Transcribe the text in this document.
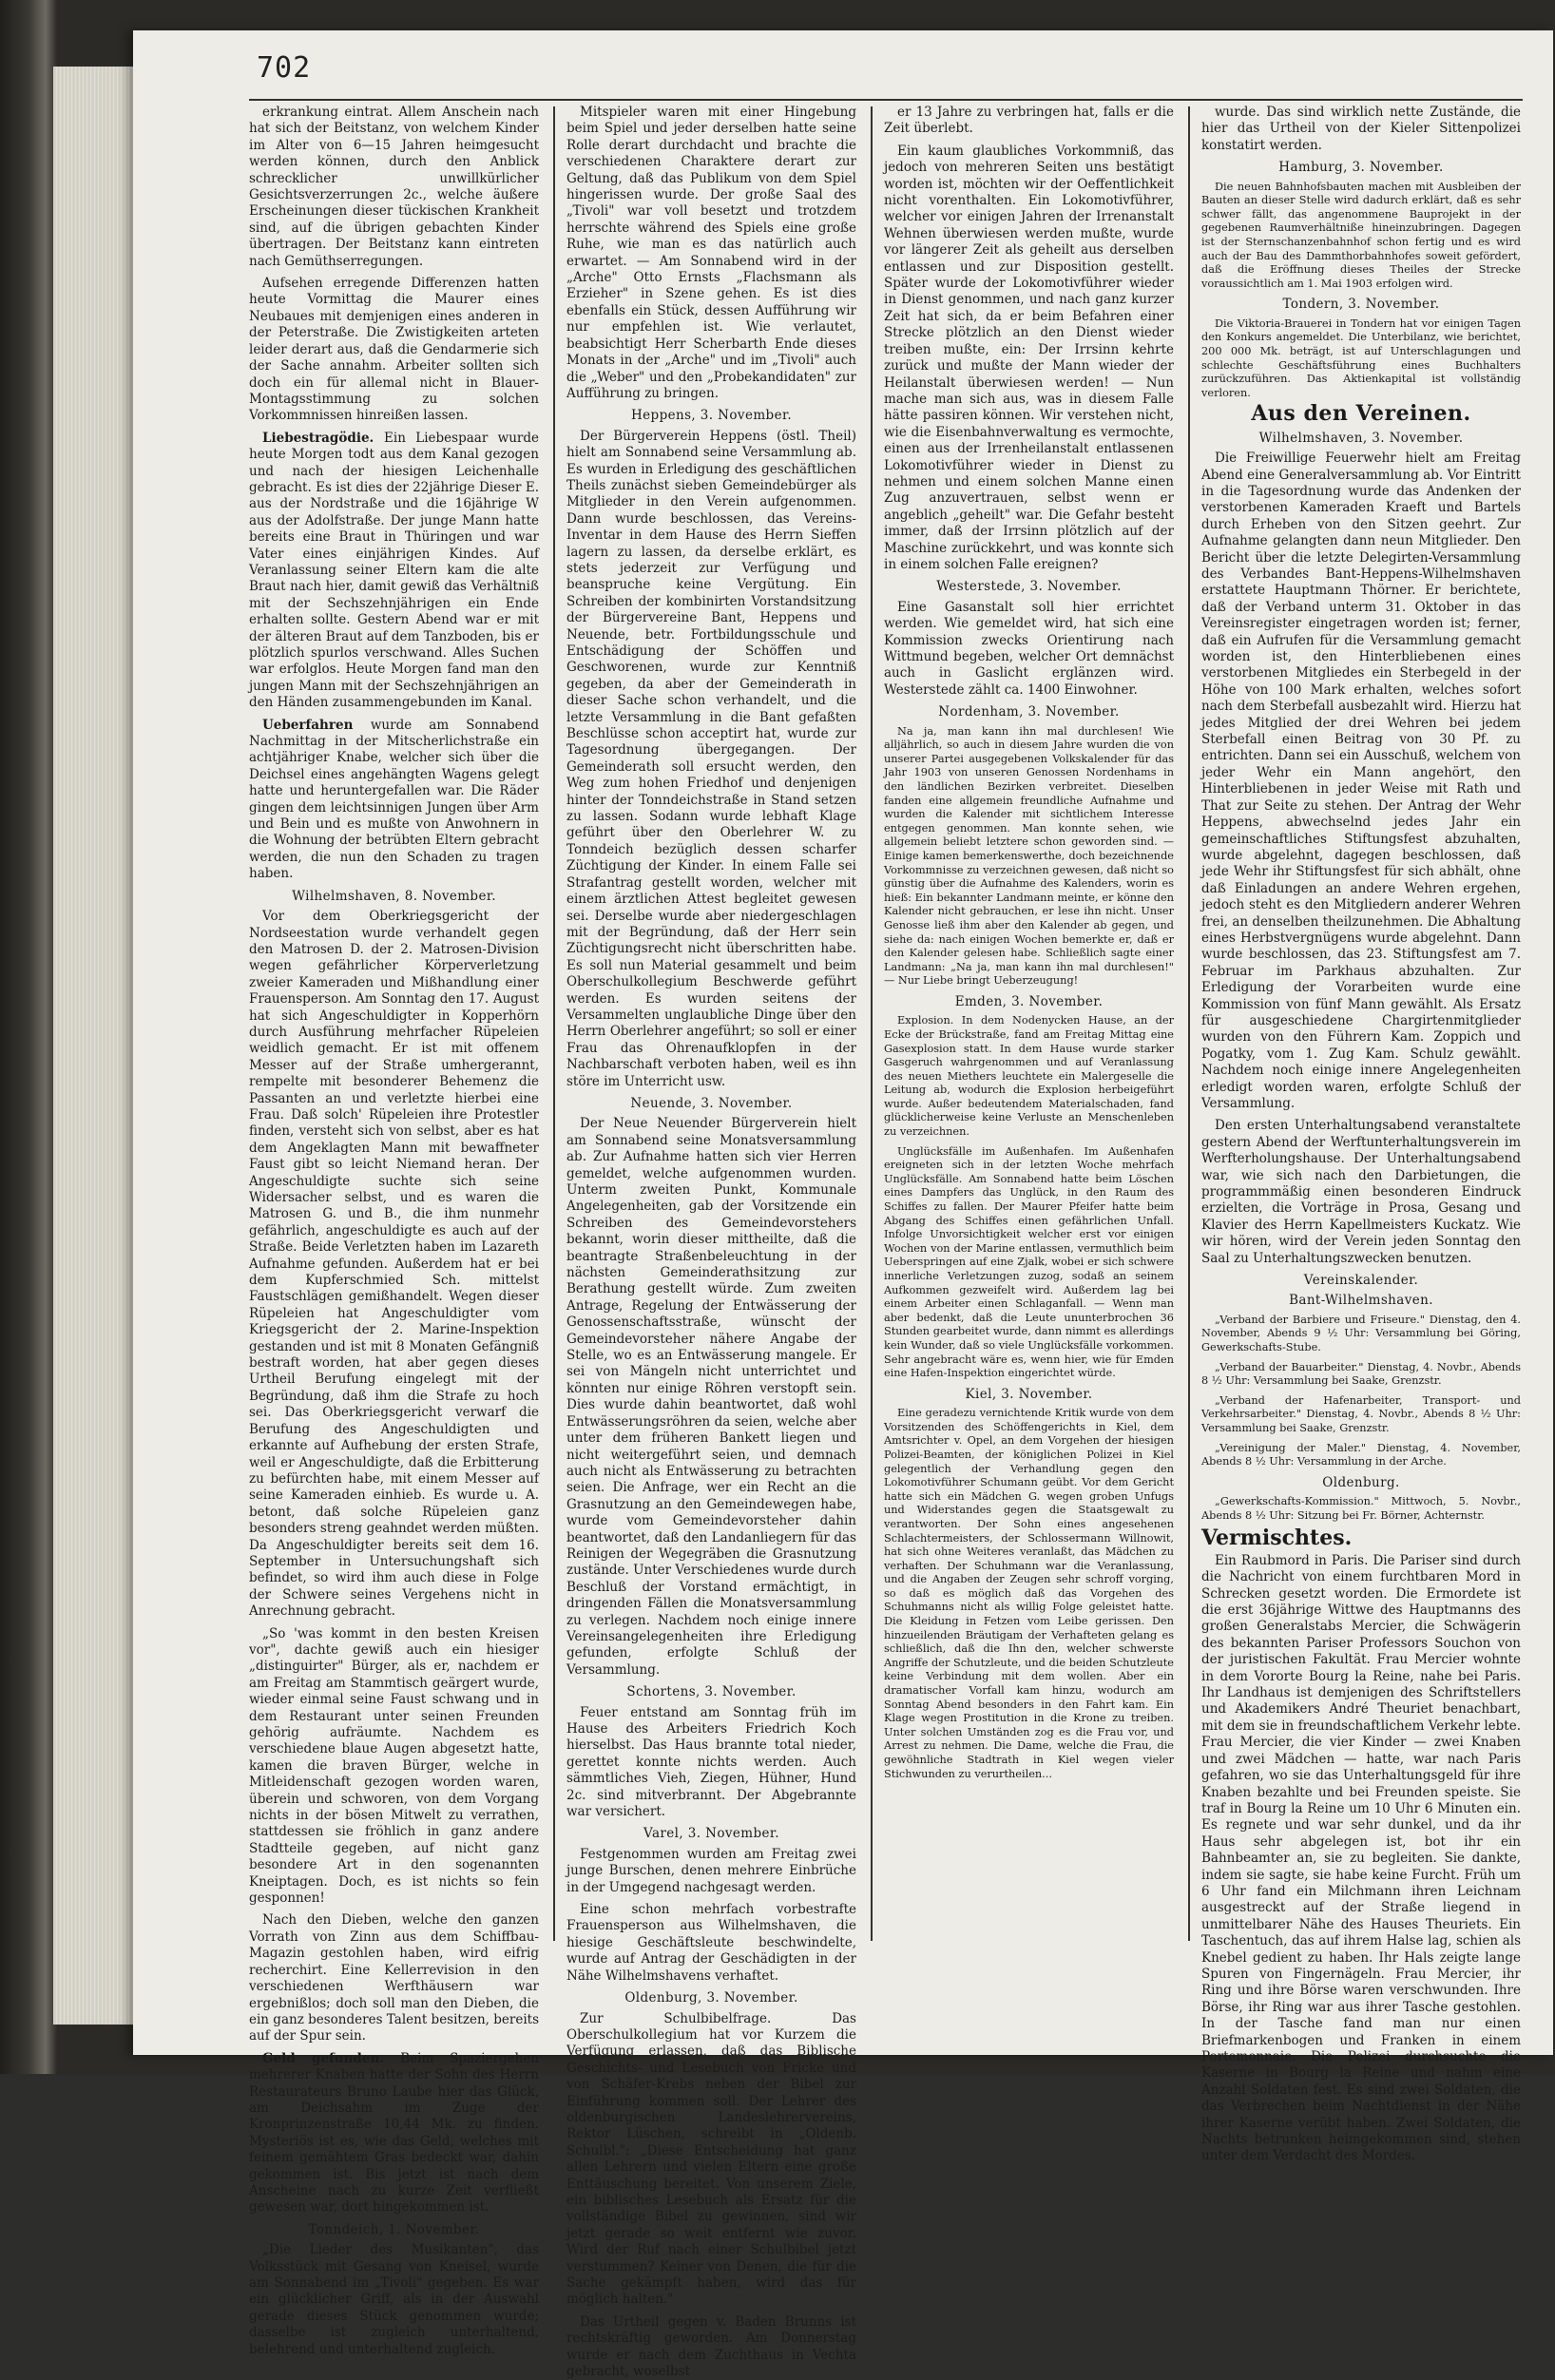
702

erkrankung eintrat. Allem Anschein nach hat sich der Beitstanz, von welchem Kinder im Alter von 6—15 Jahren heimgesucht werden können, durch den Anblick schrecklicher unwillkürlicher Gesichtsverzerrungen 2c., welche äußere Erscheinungen dieser tückischen Krankheit sind, auf die übrigen gebachten Kinder übertragen. Der Beitstanz kann eintreten nach Gemüthserregungen.

Aufsehen erregende Differenzen hatten heute Vormittag die Maurer eines Neubaues mit demjenigen eines anderen in der Peterstraße. Die Zwistigkeiten arteten leider derart aus, daß die Gendarmerie sich der Sache annahm. Arbeiter sollten sich doch ein für allemal nicht in Blauer-Montagsstimmung zu solchen Vorkommnissen hinreißen lassen.

Liebestragödie. Ein Liebespaar wurde heute Morgen todt aus dem Kanal gezogen und nach der hiesigen Leichenhalle gebracht. Es ist dies der 22jährige Dieser E. aus der Nordstraße und die 16jährige W aus der Adolfstraße. Der junge Mann hatte bereits eine Braut in Thüringen und war Vater eines einjährigen Kindes. Auf Veranlassung seiner Eltern kam die alte Braut nach hier, damit gewiß das Verhältniß mit der Sechszehnjährigen ein Ende erhalten sollte. Gestern Abend war er mit der älteren Braut auf dem Tanzboden, bis er plötzlich spurlos verschwand. Alles Suchen war erfolglos. Heute Morgen fand man den jungen Mann mit der Sechszehnjährigen an den Händen zusammengebunden im Kanal.

Ueberfahren wurde am Sonnabend Nachmittag in der Mitscherlichstraße ein achtjähriger Knabe, welcher sich über die Deichsel eines angehängten Wagens gelegt hatte und heruntergefallen war. Die Räder gingen dem leichtsinnigen Jungen über Arm und Bein und es mußte von Anwohnern in die Wohnung der betrübten Eltern gebracht werden, die nun den Schaden zu tragen haben.

Wilhelmshaven, 8. November.

Vor dem Oberkriegsgericht der Nordseestation wurde verhandelt gegen den Matrosen D. der 2. Matrosen-Division wegen gefährlicher Körperverletzung zweier Kameraden und Mißhandlung einer Frauensperson. Am Sonntag den 17. August hat sich Angeschuldigter in Kopperhörn durch Ausführung mehrfacher Rüpeleien weidlich gemacht. Er ist mit offenem Messer auf der Straße umhergerannt, rempelte mit besonderer Behemenz die Passanten an und verletzte hierbei eine Frau. Daß solch' Rüpeleien ihre Protestler finden, versteht sich von selbst, aber es hat dem Angeklagten Mann mit bewaffneter Faust gibt so leicht Niemand heran. Der Angeschuldigte suchte sich seine Widersacher selbst, und es waren die Matrosen G. und B., die ihm nunmehr gefährlich, angeschuldigte es auch auf der Straße. Beide Verletzten haben im Lazareth Aufnahme gefunden. Außerdem hat er bei dem Kupferschmied Sch. mittelst Faustschlägen gemißhandelt. Wegen dieser Rüpeleien hat Angeschuldigter vom Kriegsgericht der 2. Marine-Inspektion gestanden und ist mit 8 Monaten Gefängniß bestraft worden, hat aber gegen dieses Urtheil Berufung eingelegt mit der Begründung, daß ihm die Strafe zu hoch sei. Das Oberkriegsgericht verwarf die Berufung des Angeschuldigten und erkannte auf Aufhebung der ersten Strafe, weil er Angeschuldigte, daß die Erbitterung zu befürchten habe, mit einem Messer auf seine Kameraden einhieb. Es wurde u. A. betont, daß solche Rüpeleien ganz besonders streng geahndet werden müßten. Da Angeschuldigter bereits seit dem 16. September in Untersuchungshaft sich befindet, so wird ihm auch diese in Folge der Schwere seines Vergehens nicht in Anrechnung gebracht.

„So 'was kommt in den besten Kreisen vor", dachte gewiß auch ein hiesiger „distinguirter" Bürger, als er, nachdem er am Freitag am Stammtisch geärgert wurde, wieder einmal seine Faust schwang und in dem Restaurant unter seinen Freunden gehörig aufräumte. Nachdem es verschiedene blaue Augen abgesetzt hatte, kamen die braven Bürger, welche in Mitleidenschaft gezogen worden waren, überein und schworen, von dem Vorgang nichts in der bösen Mitwelt zu verrathen, stattdessen sie fröhlich in ganz andere Stadtteile gegeben, auf nicht ganz besondere Art in den sogenannten Kneiptagen. Doch, es ist nichts so fein gesponnen!

Nach den Dieben, welche den ganzen Vorrath von Zinn aus dem Schiffbau-Magazin gestohlen haben, wird eifrig recherchirt. Eine Kellerrevision in den verschiedenen Werfthäusern war ergebnißlos; doch soll man den Dieben, die ein ganz besonderes Talent besitzen, bereits auf der Spur sein.

Geld gefunden. Beim Spaziergehen mehrerer Knaben hatte der Sohn des Herrn Restaurateurs Bruno Laube hier das Glück, am Deichsahm im Zuge der Kronprinzenstraße 10,44 Mk. zu finden. Mysteriös ist es, wie das Geld, welches mit feinem gemähtem Gras bedeckt war, dahin gekommen ist. Bis jetzt ist nach dem Anscheine nach zu kurze Zeit verfließt gewesen war, dort hingekommen ist.

Tonndeich, 1. November.

„Die Lieder des Musikanten", das Volksstück mit Gesang von Kneisel, wurde am Sonnabend im „Tivoli" gegeben. Es war ein glücklicher Griff, als in der Auswahl gerade dieses Stück genommen wurde; dasselbe ist zugleich unterhaltend, belehrend und unterhaltend zugleich.

Mitspieler waren mit einer Hingebung beim Spiel und jeder derselben hatte seine Rolle derart durchdacht und brachte die verschiedenen Charaktere derart zur Geltung, daß das Publikum von dem Spiel hingerissen wurde. Der große Saal des „Tivoli" war voll besetzt und trotzdem herrschte während des Spiels eine große Ruhe, wie man es das natürlich auch erwartet. — Am Sonnabend wird in der „Arche" Otto Ernsts „Flachsmann als Erzieher" in Szene gehen. Es ist dies ebenfalls ein Stück, dessen Aufführung wir nur empfehlen ist. Wie verlautet, beabsichtigt Herr Scherbarth Ende dieses Monats in der „Arche" und im „Tivoli" auch die „Weber" und den „Probekandidaten" zur Aufführung zu bringen.

Heppens, 3. November.

Der Bürgerverein Heppens (östl. Theil) hielt am Sonnabend seine Versammlung ab. Es wurden in Erledigung des geschäftlichen Theils zunächst sieben Gemeindebürger als Mitglieder in den Verein aufgenommen. Dann wurde beschlossen, das Vereins-Inventar in dem Hause des Herrn Sieffen lagern zu lassen, da derselbe erklärt, es stets jederzeit zur Verfügung und beanspruche keine Vergütung. Ein Schreiben der kombinirten Vorstandsitzung der Bürgervereine Bant, Heppens und Neuende, betr. Fortbildungsschule und Entschädigung der Schöffen und Geschworenen, wurde zur Kenntniß gegeben, da aber der Gemeinderath in dieser Sache schon verhandelt, und die letzte Versammlung in die Bant gefaßten Beschlüsse schon acceptirt hat, wurde zur Tagesordnung übergegangen. Der Gemeinderath soll ersucht werden, den Weg zum hohen Friedhof und denjenigen hinter der Tonndeichstraße in Stand setzen zu lassen. Sodann wurde lebhaft Klage geführt über den Oberlehrer W. zu Tonndeich bezüglich dessen scharfer Züchtigung der Kinder. In einem Falle sei Strafantrag gestellt worden, welcher mit einem ärztlichen Attest begleitet gewesen sei. Derselbe wurde aber niedergeschlagen mit der Begründung, daß der Herr sein Züchtigungsrecht nicht überschritten habe. Es soll nun Material gesammelt und beim Oberschulkollegium Beschwerde geführt werden. Es wurden seitens der Versammelten unglaubliche Dinge über den Herrn Oberlehrer angeführt; so soll er einer Frau das Ohrenaufklopfen in der Nachbarschaft verboten haben, weil es ihn störe im Unterricht usw.

Neuende, 3. November.

Der Neue Neuender Bürgerverein hielt am Sonnabend seine Monatsversammlung ab. Zur Aufnahme hatten sich vier Herren gemeldet, welche aufgenommen wurden. Unterm zweiten Punkt, Kommunale Angelegenheiten, gab der Vorsitzende ein Schreiben des Gemeindevorstehers bekannt, worin dieser mittheilte, daß die beantragte Straßenbeleuchtung in der nächsten Gemeinderathsitzung zur Berathung gestellt würde. Zum zweiten Antrage, Regelung der Entwässerung der Genossenschaftsstraße, wünscht der Gemeindevorsteher nähere Angabe der Stelle, wo es an Entwässerung mangele. Er sei von Mängeln nicht unterrichtet und könnten nur einige Röhren verstopft sein. Dies wurde dahin beantwortet, daß wohl Entwässerungsröhren da seien, welche aber unter dem früheren Bankett liegen und nicht weitergeführt seien, und demnach auch nicht als Entwässerung zu betrachten seien. Die Anfrage, wer ein Recht an die Grasnutzung an den Gemeindewegen habe, wurde vom Gemeindevorsteher dahin beantwortet, daß den Landanliegern für das Reinigen der Wegegräben die Grasnutzung zustände. Unter Verschiedenes wurde durch Beschluß der Vorstand ermächtigt, in dringenden Fällen die Monatsversammlung zu verlegen. Nachdem noch einige innere Vereinsangelegenheiten ihre Erledigung gefunden, erfolgte Schluß der Versammlung.

Schortens, 3. November.

Feuer entstand am Sonntag früh im Hause des Arbeiters Friedrich Koch hierselbst. Das Haus brannte total nieder, gerettet konnte nichts werden. Auch sämmtliches Vieh, Ziegen, Hühner, Hund 2c. sind mitverbrannt. Der Abgebrannte war versichert.

Varel, 3. November.

Festgenommen wurden am Freitag zwei junge Burschen, denen mehrere Einbrüche in der Umgegend nachgesagt werden.

Eine schon mehrfach vorbestrafte Frauensperson aus Wilhelmshaven, die hiesige Geschäftsleute beschwindelte, wurde auf Antrag der Geschädigten in der Nähe Wilhelmshavens verhaftet.

Oldenburg, 3. November.

Zur Schulbibelfrage. Das Oberschulkollegium hat vor Kurzem die Verfügung erlassen, daß das Biblische Geschichts- und Lesebuch von Fricke und von Schäfer-Krebs neben der Bibel zur Einführung kommen soll. Der Lehrer des oldenburgischen Landeslehrervereins, Rektor Lüschen, schreibt in „Oldenb. Schulbl.": „Diese Entscheidung hat ganz allen Lehrern und vielen Eltern eine große Enttäuschung bereitet. Von unserem Ziele, ein biblisches Lesebuch als Ersatz für die vollständige Bibel zu gewinnen, sind wir jetzt gerade so weit entfernt wie zuvor. Wird der Ruf nach einer Schulbibel jetzt verstummen? Keiner von Denen, die für die Sache gekämpft haben, wird das für möglich halten."

Das Urtheil gegen v. Baden Brunns ist rechtskräftig geworden. Am Donnerstag wurde er nach dem Zuchthaus in Vechta gebracht, woselbst

er 13 Jahre zu verbringen hat, falls er die Zeit überlebt.

Ein kaum glaubliches Vorkommniß, das jedoch von mehreren Seiten uns bestätigt worden ist, möchten wir der Oeffentlichkeit nicht vorenthalten. Ein Lokomotivführer, welcher vor einigen Jahren der Irrenanstalt Wehnen überwiesen werden mußte, wurde vor längerer Zeit als geheilt aus derselben entlassen und zur Disposition gestellt. Später wurde der Lokomotivführer wieder in Dienst genommen, und nach ganz kurzer Zeit hat sich, da er beim Befahren einer Strecke plötzlich an den Dienst wieder treiben mußte, ein: Der Irrsinn kehrte zurück und mußte der Mann wieder der Heilanstalt überwiesen werden! — Nun mache man sich aus, was in diesem Falle hätte passiren können. Wir verstehen nicht, wie die Eisenbahnverwaltung es vermochte, einen aus der Irrenheilanstalt entlassenen Lokomotivführer wieder in Dienst zu nehmen und einem solchen Manne einen Zug anzuvertrauen, selbst wenn er angeblich „geheilt" war. Die Gefahr besteht immer, daß der Irrsinn plötzlich auf der Maschine zurückkehrt, und was konnte sich in einem solchen Falle ereignen?

Westerstede, 3. November.

Eine Gasanstalt soll hier errichtet werden. Wie gemeldet wird, hat sich eine Kommission zwecks Orientirung nach Wittmund begeben, welcher Ort demnächst auch in Gaslicht erglänzen wird. Westerstede zählt ca. 1400 Einwohner.

Nordenham, 3. November.

Na ja, man kann ihn mal durchlesen! Wie alljährlich, so auch in diesem Jahre wurden die von unserer Partei ausgegebenen Volkskalender für das Jahr 1903 von unseren Genossen Nordenhams in den ländlichen Bezirken verbreitet. Dieselben fanden eine allgemein freundliche Aufnahme und wurden die Kalender mit sichtlichem Interesse entgegen genommen. Man konnte sehen, wie allgemein beliebt letztere schon geworden sind. — Einige kamen bemerkenswerthe, doch bezeichnende Vorkommnisse zu verzeichnen gewesen, daß nicht so günstig über die Aufnahme des Kalenders, worin es hieß: Ein bekannter Landmann meinte, er könne den Kalender nicht gebrauchen, er lese ihn nicht. Unser Genosse ließ ihm aber den Kalender ab gegen, und siehe da: nach einigen Wochen bemerkte er, daß er den Kalender gelesen habe. Schließlich sagte einer Landmann: „Na ja, man kann ihn mal durchlesen!" — Nur Liebe bringt Ueberzeugung!

Emden, 3. November.

Explosion. In dem Nodenycken Hause, an der Ecke der Brückstraße, fand am Freitag Mittag eine Gasexplosion statt. In dem Hause wurde starker Gasgeruch wahrgenommen und auf Veranlassung des neuen Miethers leuchtete ein Malergeselle die Leitung ab, wodurch die Explosion herbeigeführt wurde. Außer bedeutendem Materialschaden, fand glücklicherweise keine Verluste an Menschenleben zu verzeichnen.

Unglücksfälle im Außenhafen. Im Außenhafen ereigneten sich in der letzten Woche mehrfach Unglücksfälle. Am Sonnabend hatte beim Löschen eines Dampfers das Unglück, in den Raum des Schiffes zu fallen. Der Maurer Pfeifer hatte beim Abgang des Schiffes einen gefährlichen Unfall. Infolge Unvorsichtigkeit welcher erst vor einigen Wochen von der Marine entlassen, vermuthlich beim Ueberspringen auf eine Zjalk, wobei er sich schwere innerliche Verletzungen zuzog, sodaß an seinem Aufkommen gezweifelt wird. Außerdem lag bei einem Arbeiter einen Schlaganfall. — Wenn man aber bedenkt, daß die Leute ununterbrochen 36 Stunden gearbeitet wurde, dann nimmt es allerdings kein Wunder, daß so viele Unglücksfälle vorkommen. Sehr angebracht wäre es, wenn hier, wie für Emden eine Hafen-Inspektion eingerichtet würde.

Kiel, 3. November.

Eine geradezu vernichtende Kritik wurde von dem Vorsitzenden des Schöffengerichts in Kiel, dem Amtsrichter v. Opel, an dem Vorgehen der hiesigen Polizei-Beamten, der königlichen Polizei in Kiel gelegentlich der Verhandlung gegen den Lokomotivführer Schumann geübt. Vor dem Gericht hatte sich ein Mädchen G. wegen groben Unfugs und Widerstandes gegen die Staatsgewalt zu verantworten. Der Sohn eines angesehenen Schlachtermeisters, der Schlossermann Willnowit, hat sich ohne Weiteres veranlaßt, das Mädchen zu verhaften. Der Schuhmann war die Veranlassung, und die Angaben der Zeugen sehr schroff vorging, so daß es möglich daß das Vorgehen des Schuhmanns nicht als willig Folge geleistet hatte. Die Kleidung in Fetzen vom Leibe gerissen. Den hinzueilenden Bräutigam der Verhafteten gelang es schließlich, daß die Ihn den, welcher schwerste Angriffe der Schutzleute, und die beiden Schutzleute keine Verbindung mit dem wollen. Aber ein dramatischer Vorfall kam hinzu, wodurch am Sonntag Abend besonders in den Fahrt kam. Ein Klage wegen Prostitution in die Krone zu treiben. Unter solchen Umständen zog es die Frau vor, und Arrest zu nehmen. Die Dame, welche die Frau, die gewöhnliche Stadtrath in Kiel wegen vieler Stichwunden zu verurtheilen...

wurde. Das sind wirklich nette Zustände, die hier das Urtheil von der Kieler Sittenpolizei konstatirt werden.

Hamburg, 3. November.

Die neuen Bahnhofsbauten machen mit Ausbleiben der Bauten an dieser Stelle wird dadurch erklärt, daß es sehr schwer fällt, das angenommene Bauprojekt in der gegebenen Raumverhältniße hineinzubringen. Dagegen ist der Sternschanzenbahnhof schon fertig und es wird auch der Bau des Dammthorbahnhofes soweit gefördert, daß die Eröffnung dieses Theiles der Strecke voraussichtlich am 1. Mai 1903 erfolgen wird.

Tondern, 3. November.

Die Viktoria-Brauerei in Tondern hat vor einigen Tagen den Konkurs angemeldet. Die Unterbilanz, wie berichtet, 200 000 Mk. beträgt, ist auf Unterschlagungen und schlechte Geschäftsführung eines Buchhalters zurückzuführen. Das Aktienkapital ist vollständig verloren.

Aus den Vereinen.
Wilhelmshaven, 3. November.

Die Freiwillige Feuerwehr hielt am Freitag Abend eine Generalversammlung ab. Vor Eintritt in die Tagesordnung wurde das Andenken der verstorbenen Kameraden Kraeft und Bartels durch Erheben von den Sitzen geehrt. Zur Aufnahme gelangten dann neun Mitglieder. Den Bericht über die letzte Delegirten-Versammlung des Verbandes Bant-Heppens-Wilhelmshaven erstattete Hauptmann Thörner. Er berichtete, daß der Verband unterm 31. Oktober in das Vereinsregister eingetragen worden ist; ferner, daß ein Aufrufen für die Versammlung gemacht worden ist, den Hinterbliebenen eines verstorbenen Mitgliedes ein Sterbegeld in der Höhe von 100 Mark erhalten, welches sofort nach dem Sterbefall ausbezahlt wird. Hierzu hat jedes Mitglied der drei Wehren bei jedem Sterbefall einen Beitrag von 30 Pf. zu entrichten. Dann sei ein Ausschuß, welchem von jeder Wehr ein Mann angehört, den Hinterbliebenen in jeder Weise mit Rath und That zur Seite zu stehen. Der Antrag der Wehr Heppens, abwechselnd jedes Jahr ein gemeinschaftliches Stiftungsfest abzuhalten, wurde abgelehnt, dagegen beschlossen, daß jede Wehr ihr Stiftungsfest für sich abhält, ohne daß Einladungen an andere Wehren ergehen, jedoch steht es den Mitgliedern anderer Wehren frei, an denselben theilzunehmen. Die Abhaltung eines Herbstvergnügens wurde abgelehnt. Dann wurde beschlossen, das 23. Stiftungsfest am 7. Februar im Parkhaus abzuhalten. Zur Erledigung der Vorarbeiten wurde eine Kommission von fünf Mann gewählt. Als Ersatz für ausgeschiedene Chargirtenmitglieder wurden von den Führern Kam. Zoppich und Pogatky, vom 1. Zug Kam. Schulz gewählt. Nachdem noch einige innere Angelegenheiten erledigt worden waren, erfolgte Schluß der Versammlung.

Den ersten Unterhaltungsabend veranstaltete gestern Abend der Werftunterhaltungsverein im Werfterholungshause. Der Unterhaltungsabend war, wie sich nach den Darbietungen, die programmmäßig einen besonderen Eindruck erzielten, die Vorträge in Prosa, Gesang und Klavier des Herrn Kapellmeisters Kuckatz. Wie wir hören, wird der Verein jeden Sonntag den Saal zu Unterhaltungszwecken benutzen.

Vereinskalender.
Bant-Wilhelmshaven.

„Verband der Barbiere und Friseure." Dienstag, den 4. November, Abends 9 ½ Uhr: Versammlung bei Göring, Gewerkschafts-Stube.

„Verband der Bauarbeiter." Dienstag, 4. Novbr., Abends 8 ½ Uhr: Versammlung bei Saake, Grenzstr.

„Verband der Hafenarbeiter, Transport- und Verkehrsarbeiter." Dienstag, 4. Novbr., Abends 8 ½ Uhr: Versammlung bei Saake, Grenzstr.

„Vereinigung der Maler." Dienstag, 4. November, Abends 8 ½ Uhr: Versammlung in der Arche.

Oldenburg.

„Gewerkschafts-Kommission." Mittwoch, 5. Novbr., Abends 8 ½ Uhr: Sitzung bei Fr. Börner, Achternstr.

Vermischtes.

Ein Raubmord in Paris. Die Pariser sind durch die Nachricht von einem furchtbaren Mord in Schrecken gesetzt worden. Die Ermordete ist die erst 36jährige Wittwe des Hauptmanns des großen Generalstabs Mercier, die Schwägerin des bekannten Pariser Professors Souchon von der juristischen Fakultät. Frau Mercier wohnte in dem Vororte Bourg la Reine, nahe bei Paris. Ihr Landhaus ist demjenigen des Schriftstellers und Akademikers André Theuriet benachbart, mit dem sie in freundschaftlichem Verkehr lebte. Frau Mercier, die vier Kinder — zwei Knaben und zwei Mädchen — hatte, war nach Paris gefahren, wo sie das Unterhaltungsgeld für ihre Knaben bezahlte und bei Freunden speiste. Sie traf in Bourg la Reine um 10 Uhr 6 Minuten ein. Es regnete und war sehr dunkel, und da ihr Haus sehr abgelegen ist, bot ihr ein Bahnbeamter an, sie zu begleiten. Sie dankte, indem sie sagte, sie habe keine Furcht. Früh um 6 Uhr fand ein Milchmann ihren Leichnam ausgestreckt auf der Straße liegend in unmittelbarer Nähe des Hauses Theuriets. Ein Taschentuch, das auf ihrem Halse lag, schien als Knebel gedient zu haben. Ihr Hals zeigte lange Spuren von Fingernägeln. Frau Mercier, ihr Ring und ihre Börse waren verschwunden. Ihre Börse, ihr Ring war aus ihrer Tasche gestohlen. In der Tasche fand man nur einen Briefmarkenbogen und Franken in einem Portemonnaie. Die Polizei durchsuchte die Kaserne in Bourg la Reine und nahm eine Anzahl Soldaten fest. Es sind zwei Soldaten, die das Verbrechen beim Nachtdienst in der Nähe ihrer Kaserne verübt haben. Zwei Soldaten, die Nachts betrunken heimgekommen sind, stehen unter dem Verdacht des Mordes.
